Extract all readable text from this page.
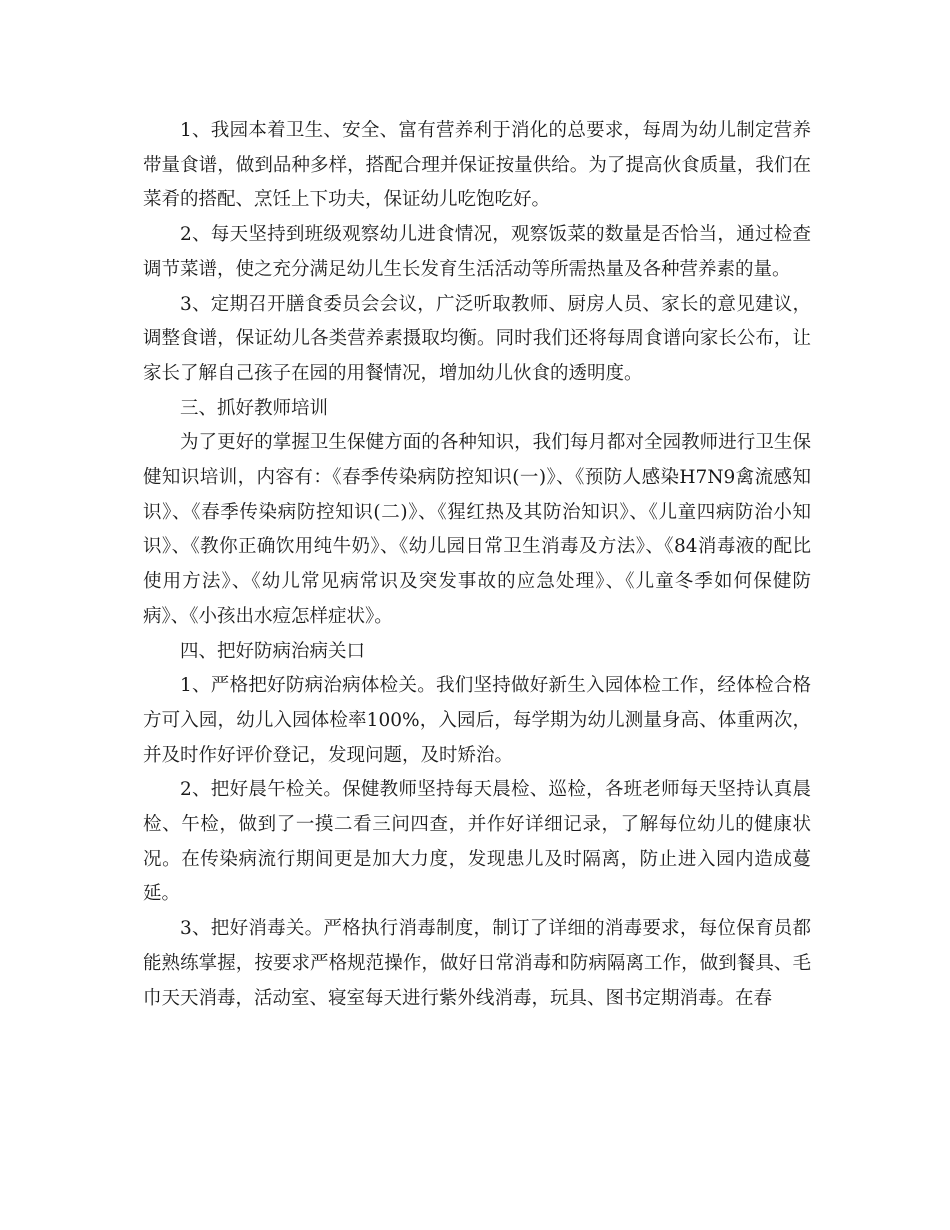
1、我园本着卫生、安全、富有营养利于消化的总要求，每周为幼儿制定营养带量食谱，做到品种多样，搭配合理并保证按量供给。为了提高伙食质量，我们在菜肴的搭配、烹饪上下功夫，保证幼儿吃饱吃好。

2、每天坚持到班级观察幼儿进食情况，观察饭菜的数量是否恰当，通过检查调节菜谱，使之充分满足幼儿生长发育生活活动等所需热量及各种营养素的量。

3、定期召开膳食委员会会议，广泛听取教师、厨房人员、家长的意见建议，调整食谱，保证幼儿各类营养素摄取均衡。同时我们还将每周食谱向家长公布，让家长了解自己孩子在园的用餐情况，增加幼儿伙食的透明度。

三、抓好教师培训

为了更好的掌握卫生保健方面的各种知识，我们每月都对全园教师进行卫生保健知识培训，内容有：《春季传染病防控知识(一)》、《预防人感染H7N9禽流感知识》、《春季传染病防控知识(二)》、《猩红热及其防治知识》、《儿童四病防治小知识》、《教你正确饮用纯牛奶》、《幼儿园日常卫生消毒及方法》、《84消毒液的配比使用方法》、《幼儿常见病常识及突发事故的应急处理》、《儿童冬季如何保健防病》、《小孩出水痘怎样症状》。

四、把好防病治病关口

1、严格把好防病治病体检关。我们坚持做好新生入园体检工作，经体检合格方可入园，幼儿入园体检率100%，入园后，每学期为幼儿测量身高、体重两次，并及时作好评价登记，发现问题，及时矫治。

2、把好晨午检关。保健教师坚持每天晨检、巡检，各班老师每天坚持认真晨检、午检，做到了一摸二看三问四查，并作好详细记录，了解每位幼儿的健康状况。在传染病流行期间更是加大力度，发现患儿及时隔离，防止进入园内造成蔓延。

3、把好消毒关。严格执行消毒制度，制订了详细的消毒要求，每位保育员都能熟练掌握，按要求严格规范操作，做好日常消毒和防病隔离工作，做到餐具、毛巾天天消毒，活动室、寝室每天进行紫外线消毒，玩具、图书定期消毒。在春
